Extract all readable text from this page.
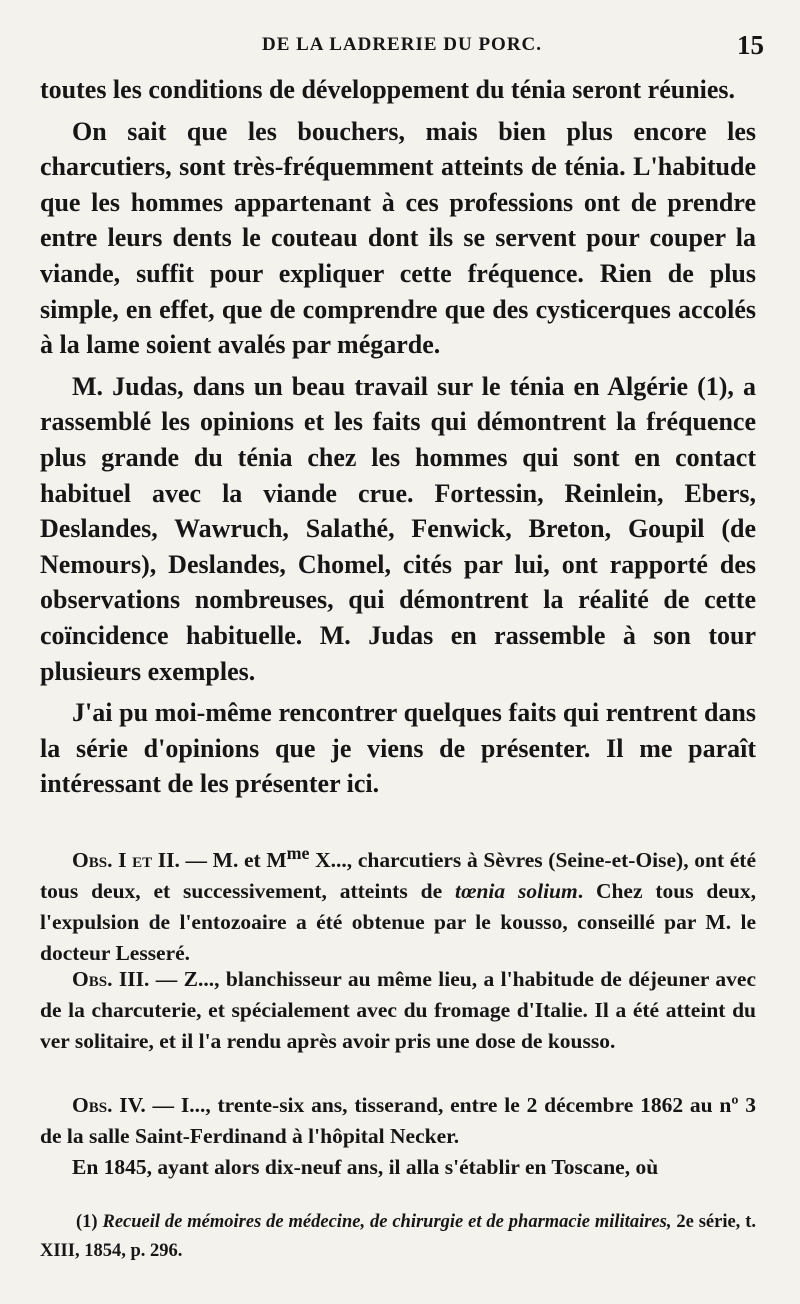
DE LA LADRERIE DU PORC.	15

toutes les conditions de développement du ténia seront réunies.

On sait que les bouchers, mais bien plus encore les charcutiers, sont très-fréquemment atteints de ténia. L'habitude que les hommes appartenant à ces professions ont de prendre entre leurs dents le couteau dont ils se servent pour couper la viande, suffit pour expliquer cette fréquence. Rien de plus simple, en effet, que de comprendre que des cysticerques accolés à la lame soient avalés par mégarde.

M. Judas, dans un beau travail sur le ténia en Algérie (1), a rassemblé les opinions et les faits qui démontrent la fréquence plus grande du ténia chez les hommes qui sont en contact habituel avec la viande crue. Fortessin, Reinlein, Ebers, Deslandes, Wawruch, Salathé, Fenwick, Breton, Goupil (de Nemours), Deslandes, Chomel, cités par lui, ont rapporté des observations nombreuses, qui démontrent la réalité de cette coïncidence habituelle. M. Judas en rassemble à son tour plusieurs exemples.

J'ai pu moi-même rencontrer quelques faits qui rentrent dans la série d'opinions que je viens de présenter. Il me paraît intéressant de les présenter ici.

Obs. I et II. — M. et $M^{me}$ X..., charcutiers à Sèvres (Seine-et-Oise), ont été tous deux, et successivement, atteints de tœnia solium. Chez tous deux, l'expulsion de l'entozoaire a été obtenue par le kousso, conseillé par M. le docteur Lesseré.

Obs. III. — Z..., blanchisseur au même lieu, a l'habitude de déjeuner avec de la charcuterie, et spécialement avec du fromage d'Italie. Il a été atteint du ver solitaire, et il l'a rendu après avoir pris une dose de kousso.

Obs. IV. — I..., trente-six ans, tisserand, entre le 2 décembre 1862 au nº 3 de la salle Saint-Ferdinand à l'hôpital Necker.

En 1845, ayant alors dix-neuf ans, il alla s'établir en Toscane, où

(1) Recueil de mémoires de médecine, de chirurgie et de pharmacie militaires, 2e série, t. XIII, 1854, p. 296.
